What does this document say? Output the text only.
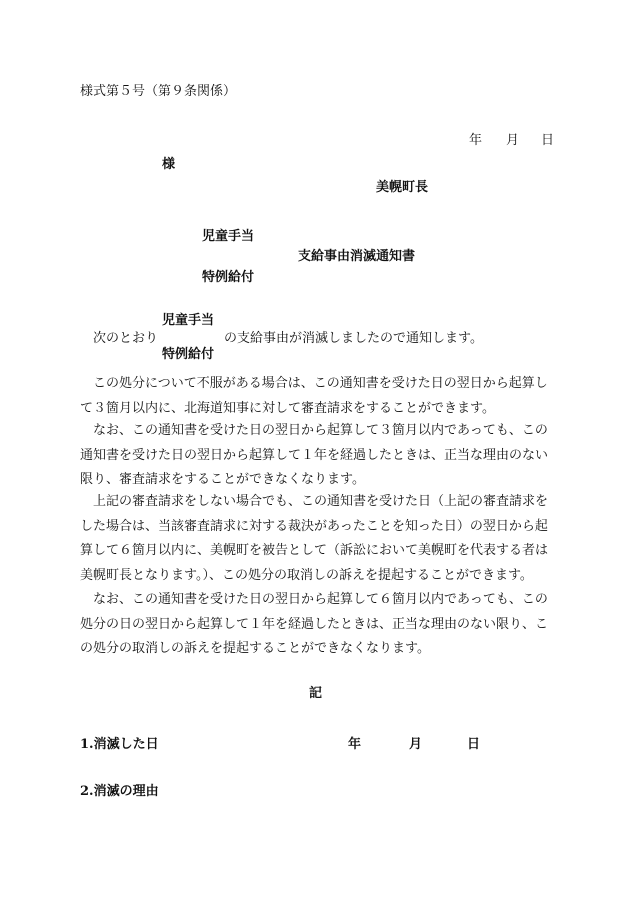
様式第５号（第９条関係）
年 月 日
様
美幌町長
児童手当
支給事由消滅通知書
特例給付
児童手当
次のとおり	の支給事由が消滅しましたので通知します。
特例給付
この処分について不服がある場合は、この通知書を受けた日の翌日から起算して３箇月以内に、北海道知事に対して審査請求をすることができます。
なお、この通知書を受けた日の翌日から起算して３箇月以内であっても、この通知書を受けた日の翌日から起算して１年を経過したときは、正当な理由のない限り、審査請求をすることができなくなります。
上記の審査請求をしない場合でも、この通知書を受けた日（上記の審査請求をした場合は、当該審査請求に対する裁決があったことを知った日）の翌日から起算して６箇月以内に、美幌町を被告として（訴訟において美幌町を代表する者は美幌町長となります。）、この処分の取消しの訴えを提起することができます。
なお、この通知書を受けた日の翌日から起算して６箇月以内であっても、この処分の日の翌日から起算して１年を経過したときは、正当な理由のない限り、この処分の取消しの訴えを提起することができなくなります。
記
1.消滅した日	年	月	日
2.消滅の理由
